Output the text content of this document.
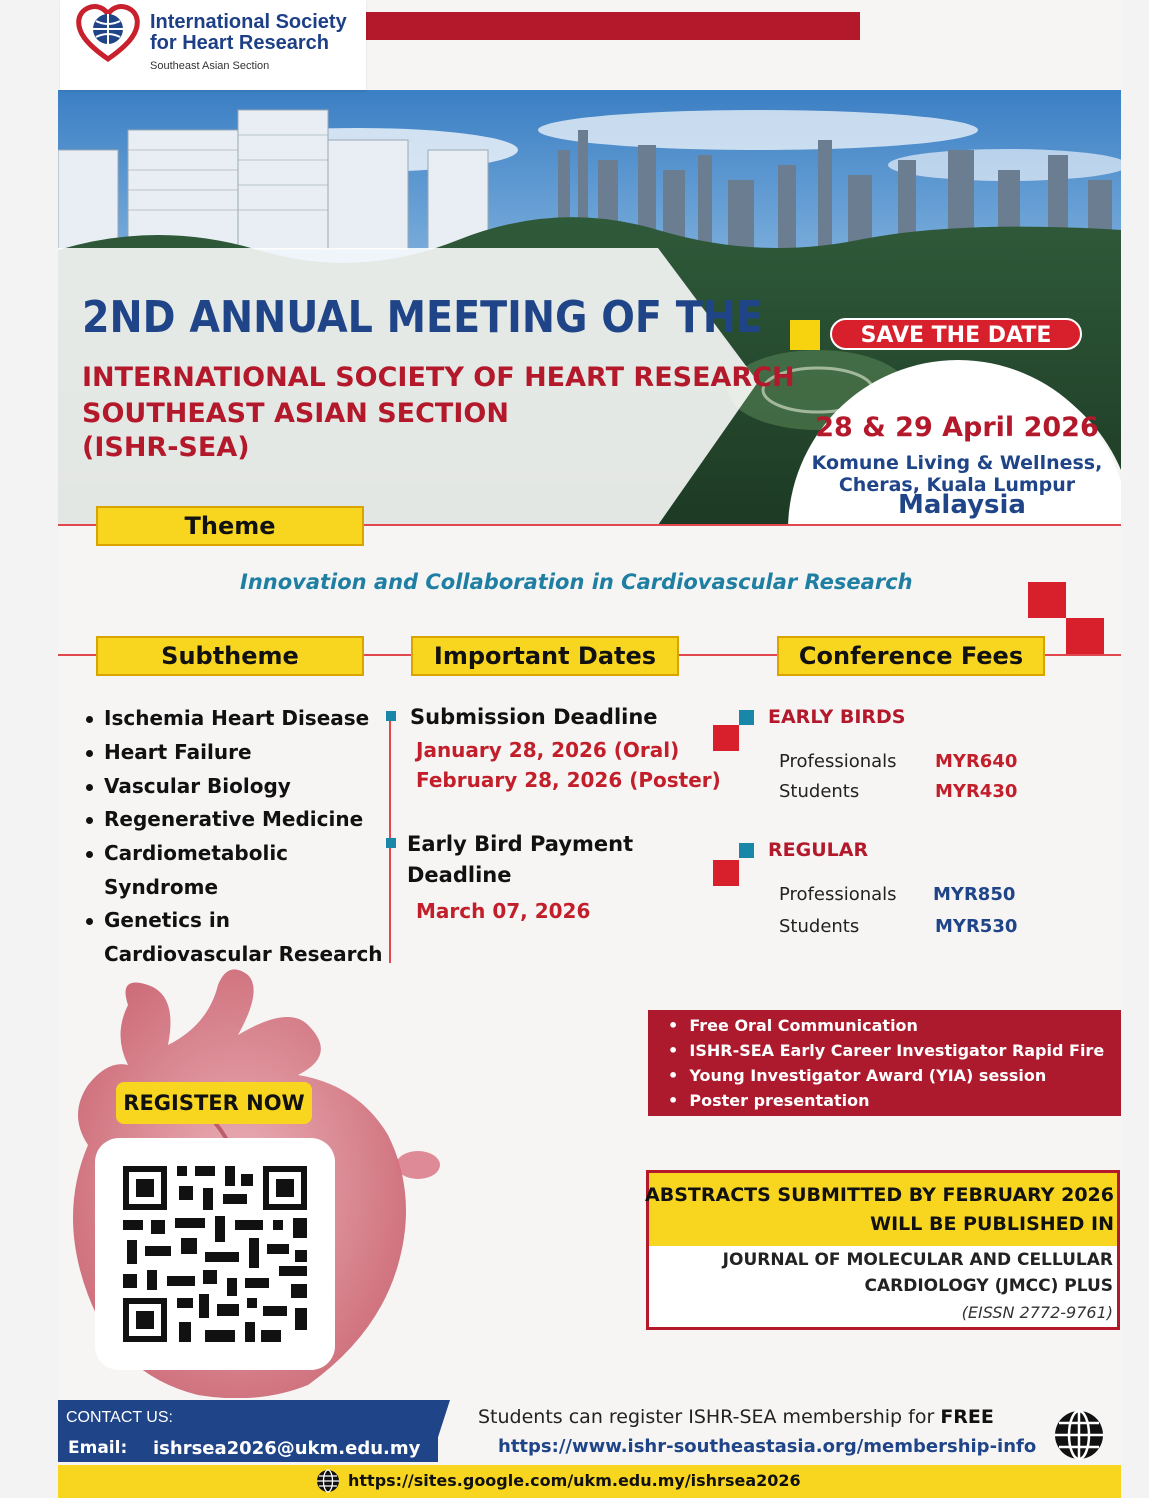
International Society
for Heart Research
Southeast Asian Section
2ND ANNUAL MEETING OF THE
INTERNATIONAL SOCIETY OF HEART RESEARCH
SOUTHEAST ASIAN SECTION
(ISHR-SEA)
SAVE THE DATE
28 & 29 April 2026
Komune Living & Wellness,
Cheras, Kuala Lumpur
Malaysia
Theme
Innovation and Collaboration in Cardiovascular Research
Subtheme	Important Dates	Conference Fees
Ischemia Heart Disease
Heart Failure
Vascular Biology
Regenerative Medicine
Cardiometabolic
Syndrome
Genetics in
Cardiovascular Research
Submission Deadline
January 28, 2026 (Oral)
February 28, 2026 (Poster)
Early Bird Payment
Deadline
March 07, 2026
EARLY BIRDS
Professionals MYR640
Students	MYR430
REGULAR
Professionals MYR850
Students	MYR530
REGISTER NOW
•  Free Oral Communication
•  ISHR-SEA Early Career Investigator Rapid Fire
•  Young Investigator Award (YIA) session
•  Poster presentation
ABSTRACTS SUBMITTED BY FEBRUARY 2026
WILL BE PUBLISHED IN
JOURNAL OF MOLECULAR AND CELLULAR
CARDIOLOGY (JMCC) PLUS
(EISSN 2772-9761)
CONTACT US:
Email: ishrsea2026@ukm.edu.my
Students can register ISHR-SEA membership for FREE
https://www.ishr-southeastasia.org/membership-info
https://sites.google.com/ukm.edu.my/ishrsea2026
